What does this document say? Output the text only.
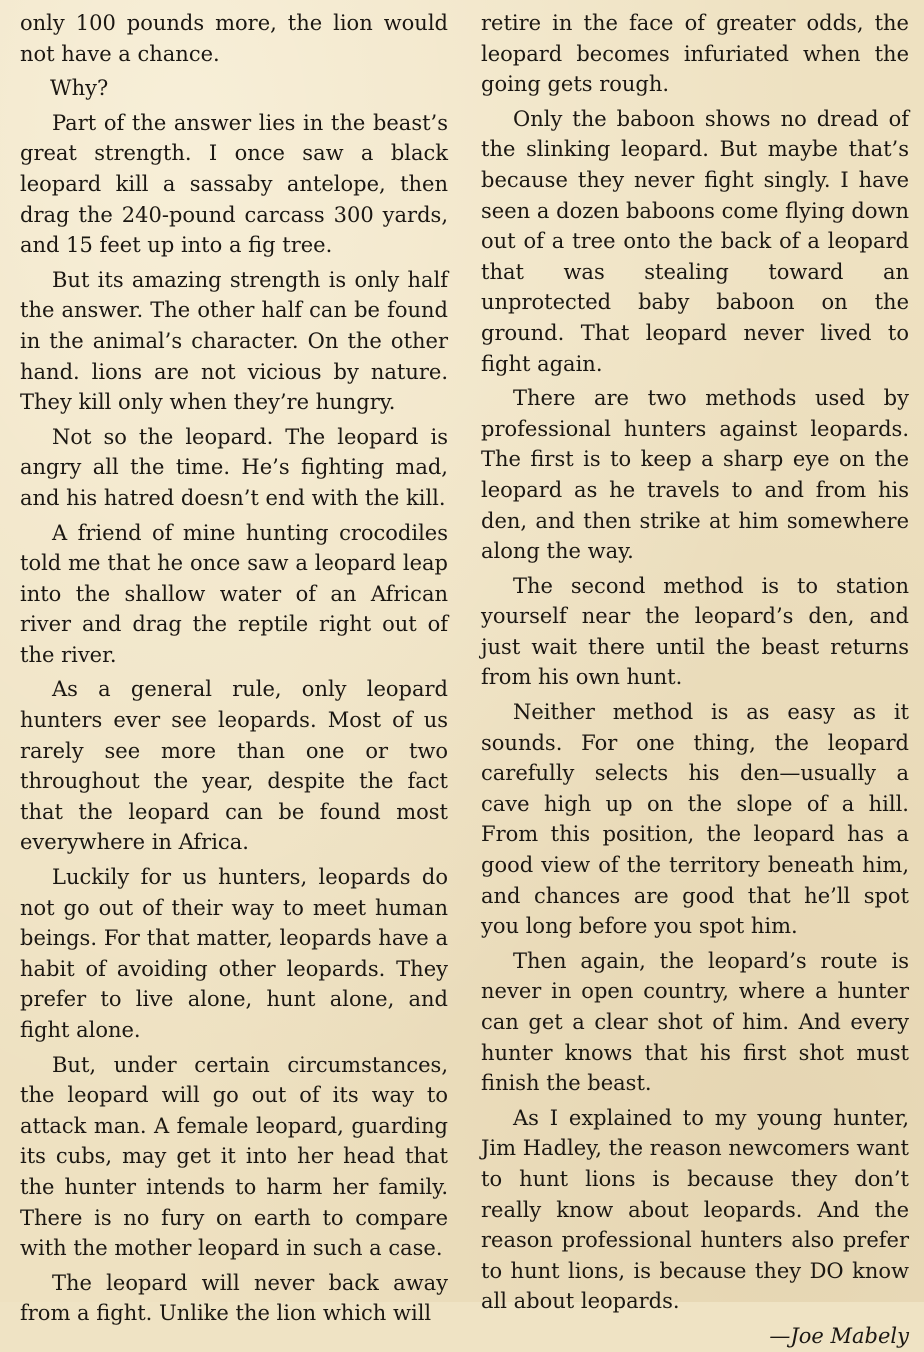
only 100 pounds more, the lion would not have a chance.

Why?

Part of the answer lies in the beast’s great strength. I once saw a black leopard kill a sassaby antelope, then drag the 240-pound carcass 300 yards, and 15 feet up into a fig tree.

But its amazing strength is only half the answer. The other half can be found in the animal’s character. On the other hand. lions are not vicious by nature. They kill only when they’re hungry.

Not so the leopard. The leopard is angry all the time. He’s fighting mad, and his hatred doesn’t end with the kill.

A friend of mine hunting crocodiles told me that he once saw a leopard leap into the shallow water of an African river and drag the reptile right out of the river.

As a general rule, only leopard hunters ever see leopards. Most of us rarely see more than one or two throughout the year, despite the fact that the leopard can be found most everywhere in Africa.

Luckily for us hunters, leopards do not go out of their way to meet human beings. For that matter, leopards have a habit of avoiding other leopards. They prefer to live alone, hunt alone, and fight alone.

But, under certain circumstances, the leopard will go out of its way to attack man. A female leopard, guarding its cubs, may get it into her head that the hunter intends to harm her family. There is no fury on earth to compare with the mother leopard in such a case.

The leopard will never back away from a fight. Unlike the lion which will

retire in the face of greater odds, the leopard becomes infuriated when the going gets rough.

Only the baboon shows no dread of the slinking leopard. But maybe that’s because they never fight singly. I have seen a dozen baboons come flying down out of a tree onto the back of a leopard that was stealing toward an unprotected baby baboon on the ground. That leopard never lived to fight again.

There are two methods used by professional hunters against leopards. The first is to keep a sharp eye on the leopard as he travels to and from his den, and then strike at him somewhere along the way.

The second method is to station yourself near the leopard’s den, and just wait there until the beast returns from his own hunt.

Neither method is as easy as it sounds. For one thing, the leopard carefully selects his den—usually a cave high up on the slope of a hill. From this position, the leopard has a good view of the territory beneath him, and chances are good that he’ll spot you long before you spot him.

Then again, the leopard’s route is never in open country, where a hunter can get a clear shot of him. And every hunter knows that his first shot must finish the beast.

As I explained to my young hunter, Jim Hadley, the reason newcomers want to hunt lions is because they don’t really know about leopards. And the reason professional hunters also prefer to hunt lions, is because they DO know all about leopards.

—Joe Mabely
